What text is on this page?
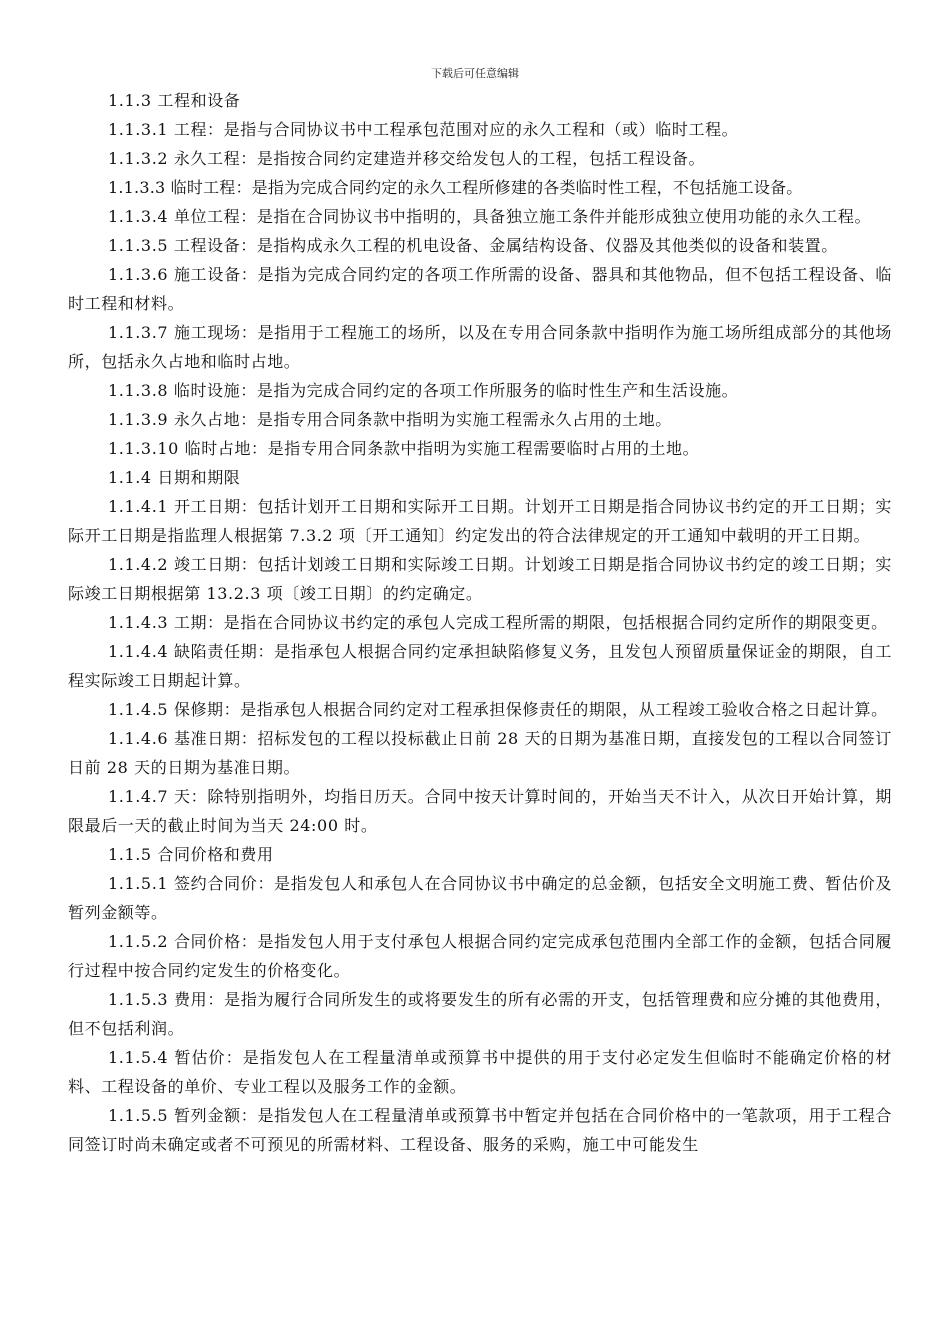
下载后可任意编辑

1.1.3 工程和设备

1.1.3.1 工程：是指与合同协议书中工程承包范围对应的永久工程和（或）临时工程。

1.1.3.2 永久工程：是指按合同约定建造并移交给发包人的工程，包括工程设备。

1.1.3.3 临时工程：是指为完成合同约定的永久工程所修建的各类临时性工程，不包括施工设备。

1.1.3.4 单位工程：是指在合同协议书中指明的，具备独立施工条件并能形成独立使用功能的永久工程。

1.1.3.5 工程设备：是指构成永久工程的机电设备、金属结构设备、仪器及其他类似的设备和装置。

1.1.3.6 施工设备：是指为完成合同约定的各项工作所需的设备、器具和其他物品，但不包括工程设备、临时工程和材料。

1.1.3.7 施工现场：是指用于工程施工的场所，以及在专用合同条款中指明作为施工场所组成部分的其他场所，包括永久占地和临时占地。

1.1.3.8 临时设施：是指为完成合同约定的各项工作所服务的临时性生产和生活设施。

1.1.3.9 永久占地：是指专用合同条款中指明为实施工程需永久占用的土地。

1.1.3.10 临时占地：是指专用合同条款中指明为实施工程需要临时占用的土地。

1.1.4 日期和期限

1.1.4.1 开工日期：包括计划开工日期和实际开工日期。计划开工日期是指合同协议书约定的开工日期；实际开工日期是指监理人根据第 7.3.2 项〔开工通知〕约定发出的符合法律规定的开工通知中载明的开工日期。

1.1.4.2 竣工日期：包括计划竣工日期和实际竣工日期。计划竣工日期是指合同协议书约定的竣工日期；实际竣工日期根据第 13.2.3 项〔竣工日期〕的约定确定。

1.1.4.3 工期：是指在合同协议书约定的承包人完成工程所需的期限，包括根据合同约定所作的期限变更。

1.1.4.4 缺陷责任期：是指承包人根据合同约定承担缺陷修复义务，且发包人预留质量保证金的期限，自工程实际竣工日期起计算。

1.1.4.5 保修期：是指承包人根据合同约定对工程承担保修责任的期限，从工程竣工验收合格之日起计算。

1.1.4.6 基准日期：招标发包的工程以投标截止日前 28 天的日期为基准日期，直接发包的工程以合同签订日前 28 天的日期为基准日期。

1.1.4.7 天：除特别指明外，均指日历天。合同中按天计算时间的，开始当天不计入，从次日开始计算，期限最后一天的截止时间为当天 24:00 时。

1.1.5 合同价格和费用

1.1.5.1 签约合同价：是指发包人和承包人在合同协议书中确定的总金额，包括安全文明施工费、暂估价及暂列金额等。

1.1.5.2 合同价格：是指发包人用于支付承包人根据合同约定完成承包范围内全部工作的金额，包括合同履行过程中按合同约定发生的价格变化。

1.1.5.3 费用：是指为履行合同所发生的或将要发生的所有必需的开支，包括管理费和应分摊的其他费用，但不包括利润。

1.1.5.4 暂估价：是指发包人在工程量清单或预算书中提供的用于支付必定发生但临时不能确定价格的材料、工程设备的单价、专业工程以及服务工作的金额。

1.1.5.5 暂列金额：是指发包人在工程量清单或预算书中暂定并包括在合同价格中的一笔款项，用于工程合同签订时尚未确定或者不可预见的所需材料、工程设备、服务的采购，施工中可能发生
